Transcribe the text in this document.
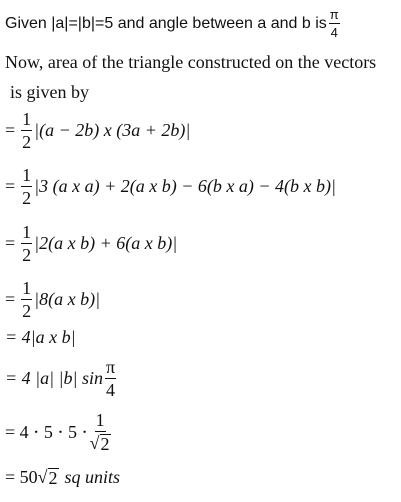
Given |a|=|b|=5 and angle between a and b is $\frac{\pi}{4}$
Now, area of the triangle constructed on the vectors
is given by
= $\frac{1}{2} |(a - 2b)$ x (3a + 2b)|
= $\frac{1}{2} |3$ (a x a) + 2(a x b) − 6(b x a) − 4(b x b)|
= $\frac{1}{2} |2(a$ x b) + 6(a x b)|
= $\frac{1}{2} |8(a$ x b)|
= 4|a x b|
= 4 |a| |b| $\sin \frac{\pi}{4}$
= $4 \cdot 5 \cdot 5 \cdot \frac{1}{√ 2}$
= 50 √ 2 sq units
